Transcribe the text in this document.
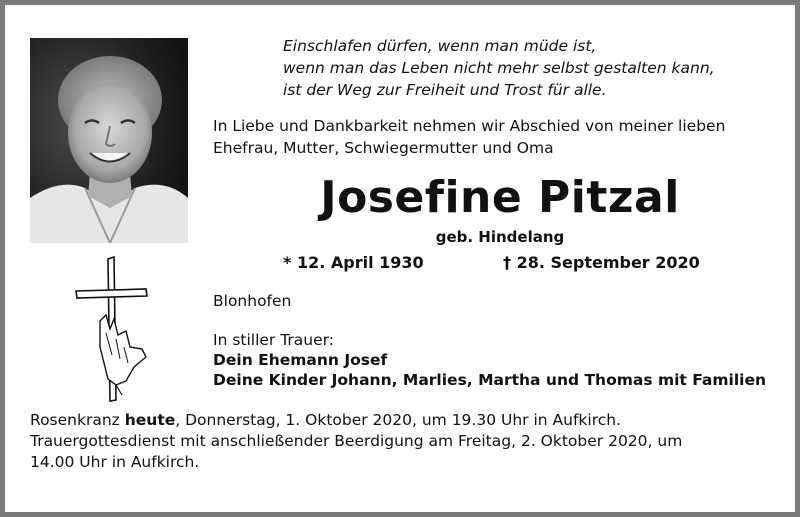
Einschlafen dürfen, wenn man müde ist,
wenn man das Leben nicht mehr selbst gestalten kann,
ist der Weg zur Freiheit und Trost für alle.
In Liebe und Dankbarkeit nehmen wir Abschied von meiner lieben
Ehefrau, Mutter, Schwiegermutter und Oma
Josefine Pitzal
geb. Hindelang
* 12. April 1930	† 28. September 2020
Blonhofen
In stiller Trauer:
Dein Ehemann Josef
Deine Kinder Johann, Marlies, Martha und Thomas mit Familien
Rosenkranz heute, Donnerstag, 1. Oktober 2020, um 19.30 Uhr in Aufkirch.
Trauergottesdienst mit anschließender Beerdigung am Freitag, 2. Oktober 2020, um
14.00 Uhr in Aufkirch.
